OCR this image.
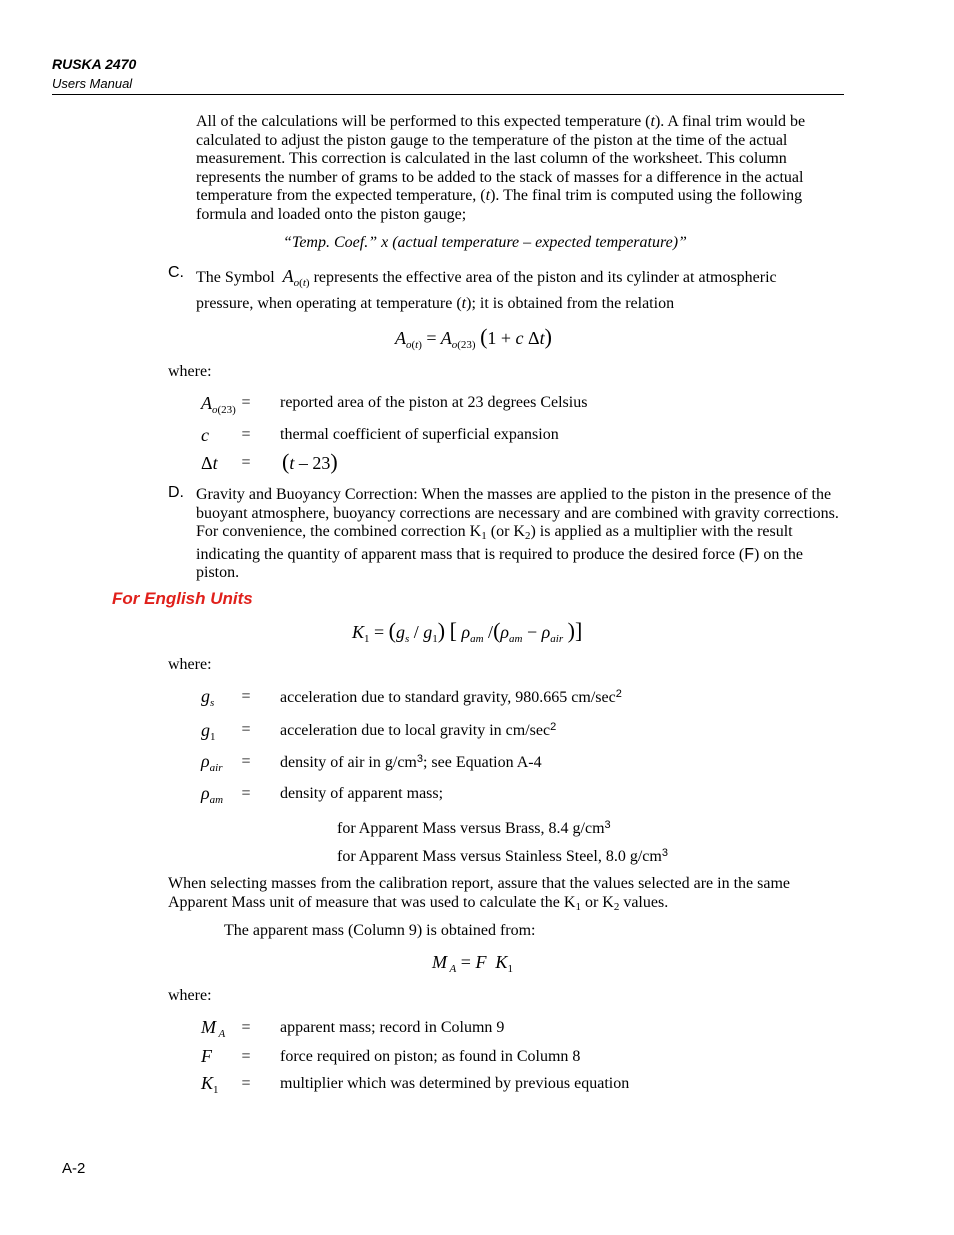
RUSKA 2470
Users Manual

All of the calculations will be performed to this expected temperature (t). A final trim would be calculated to adjust the piston gauge to the temperature of the piston at the time of the actual measurement. This correction is calculated in the last column of the worksheet. This column represents the number of grams to be added to the stack of masses for a difference in the actual temperature from the expected temperature, (t). The final trim is computed using the following formula and loaded onto the piston gauge;

“Temp. Coef.” x (actual temperature – expected temperature)”
C. The Symbol $A_{o(t)}$ represents the effective area of the piston and its cylinder at atmospheric
pressure, when operating at temperature (t); it is obtained from the relation
$A_{o(t)} = A_{o(23)}$ (1 + c Δt)
where:
$A_{o(23)}$ =	reported area of the piston at 23 degrees Celsius
c	=	thermal coefficient of superficial expansion
Δt	= (t – 23)
D. Gravity and Buoyancy Correction: When the masses are applied to the piston in the presence of the buoyant atmosphere, buoyancy corrections are necessary and are combined with gravity corrections. For convenience, the combined correction $K_1$ (or $K_2$) is applied as a multiplier with the result indicating the quantity of apparent mass that is required to produce the desired force (F) on the piston.

For English Units
$K_1 = (g_s / g_1)$ [ $\rho_{am}$ $/(\rho_{am} - \rho_{air}$ )]
where:
$g_s$	=	acceleration due to standard gravity, 980.665 $cm/\sec^2$
$g_1$	=	acceleration due to local gravity in $cm/\sec^2$
$\rho_{air}$	=	density of air in $g/cm^3$; see Equation A-4
$\rho_{am}$	=	density of apparent mass;
for Apparent Mass versus Brass, 8.4 $g/cm^3$
for Apparent Mass versus Stainless Steel, 8.0 $g/cm^3$

When selecting masses from the calibration report, assure that the values selected are in the same Apparent Mass unit of measure that was used to calculate the $K_1$ or $K_2$ values.

The apparent mass (Column 9) is obtained from:
M $_A$ = F  $K_1$
where:
M $_A$	=	apparent mass; record in Column 9
F	=	force required on piston; as found in Column 8
$K_1$	=	multiplier which was determined by previous equation
A-2
